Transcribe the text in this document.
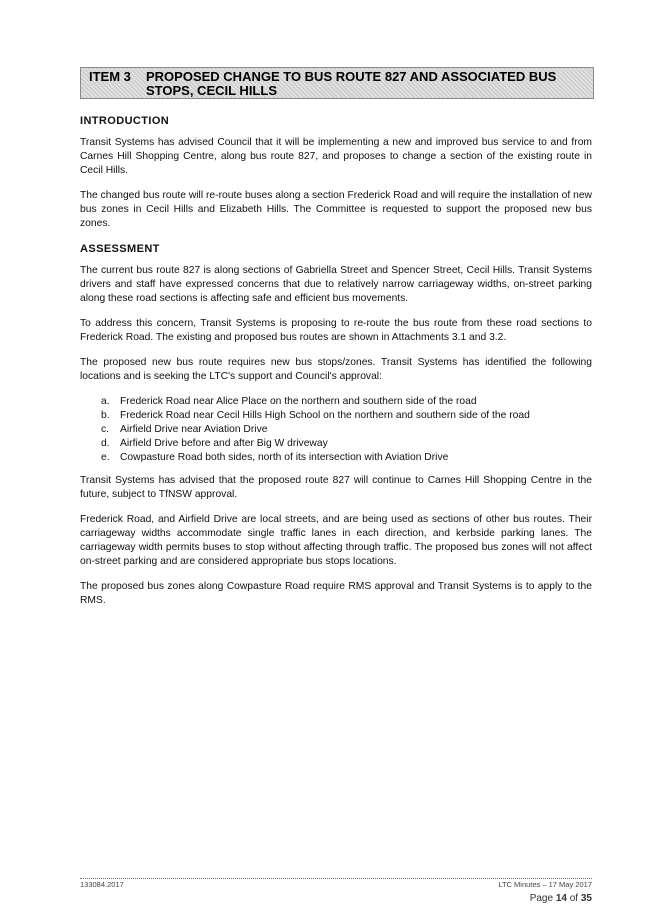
ITEM 3 PROPOSED CHANGE TO BUS ROUTE 827 AND ASSOCIATED BUS STOPS, CECIL HILLS
INTRODUCTION

Transit Systems has advised Council that it will be implementing a new and improved bus service to and from Carnes Hill Shopping Centre, along bus route 827, and proposes to change a section of the existing route in Cecil Hills.

The changed bus route will re-route buses along a section Frederick Road and will require the installation of new bus zones in Cecil Hills and Elizabeth Hills. The Committee is requested to support the proposed new bus zones.

ASSESSMENT

The current bus route 827 is along sections of Gabriella Street and Spencer Street, Cecil Hills. Transit Systems drivers and staff have expressed concerns that due to relatively narrow carriageway widths, on-street parking along these road sections is affecting safe and efficient bus movements.

To address this concern, Transit Systems is proposing to re-route the bus route from these road sections to Frederick Road. The existing and proposed bus routes are shown in Attachments 3.1 and 3.2.

The proposed new bus route requires new bus stops/zones. Transit Systems has identified the following locations and is seeking the LTC's support and Council's approval:

a. Frederick Road near Alice Place on the northern and southern side of the road
b. Frederick Road near Cecil Hills High School on the northern and southern side of the road
c. Airfield Drive near Aviation Drive
d. Airfield Drive before and after Big W driveway
e. Cowpasture Road both sides, north of its intersection with Aviation Drive

Transit Systems has advised that the proposed route 827 will continue to Carnes Hill Shopping Centre in the future, subject to TfNSW approval.

Frederick Road, and Airfield Drive are local streets, and are being used as sections of other bus routes. Their carriageway widths accommodate single traffic lanes in each direction, and kerbside parking lanes. The carriageway width permits buses to stop without affecting through traffic. The proposed bus zones will not affect on-street parking and are considered appropriate bus stops locations.

The proposed bus zones along Cowpasture Road require RMS approval and Transit Systems is to apply to the RMS.

133084.2017	LTC Minutes – 17 May 2017
Page 14 of 35
